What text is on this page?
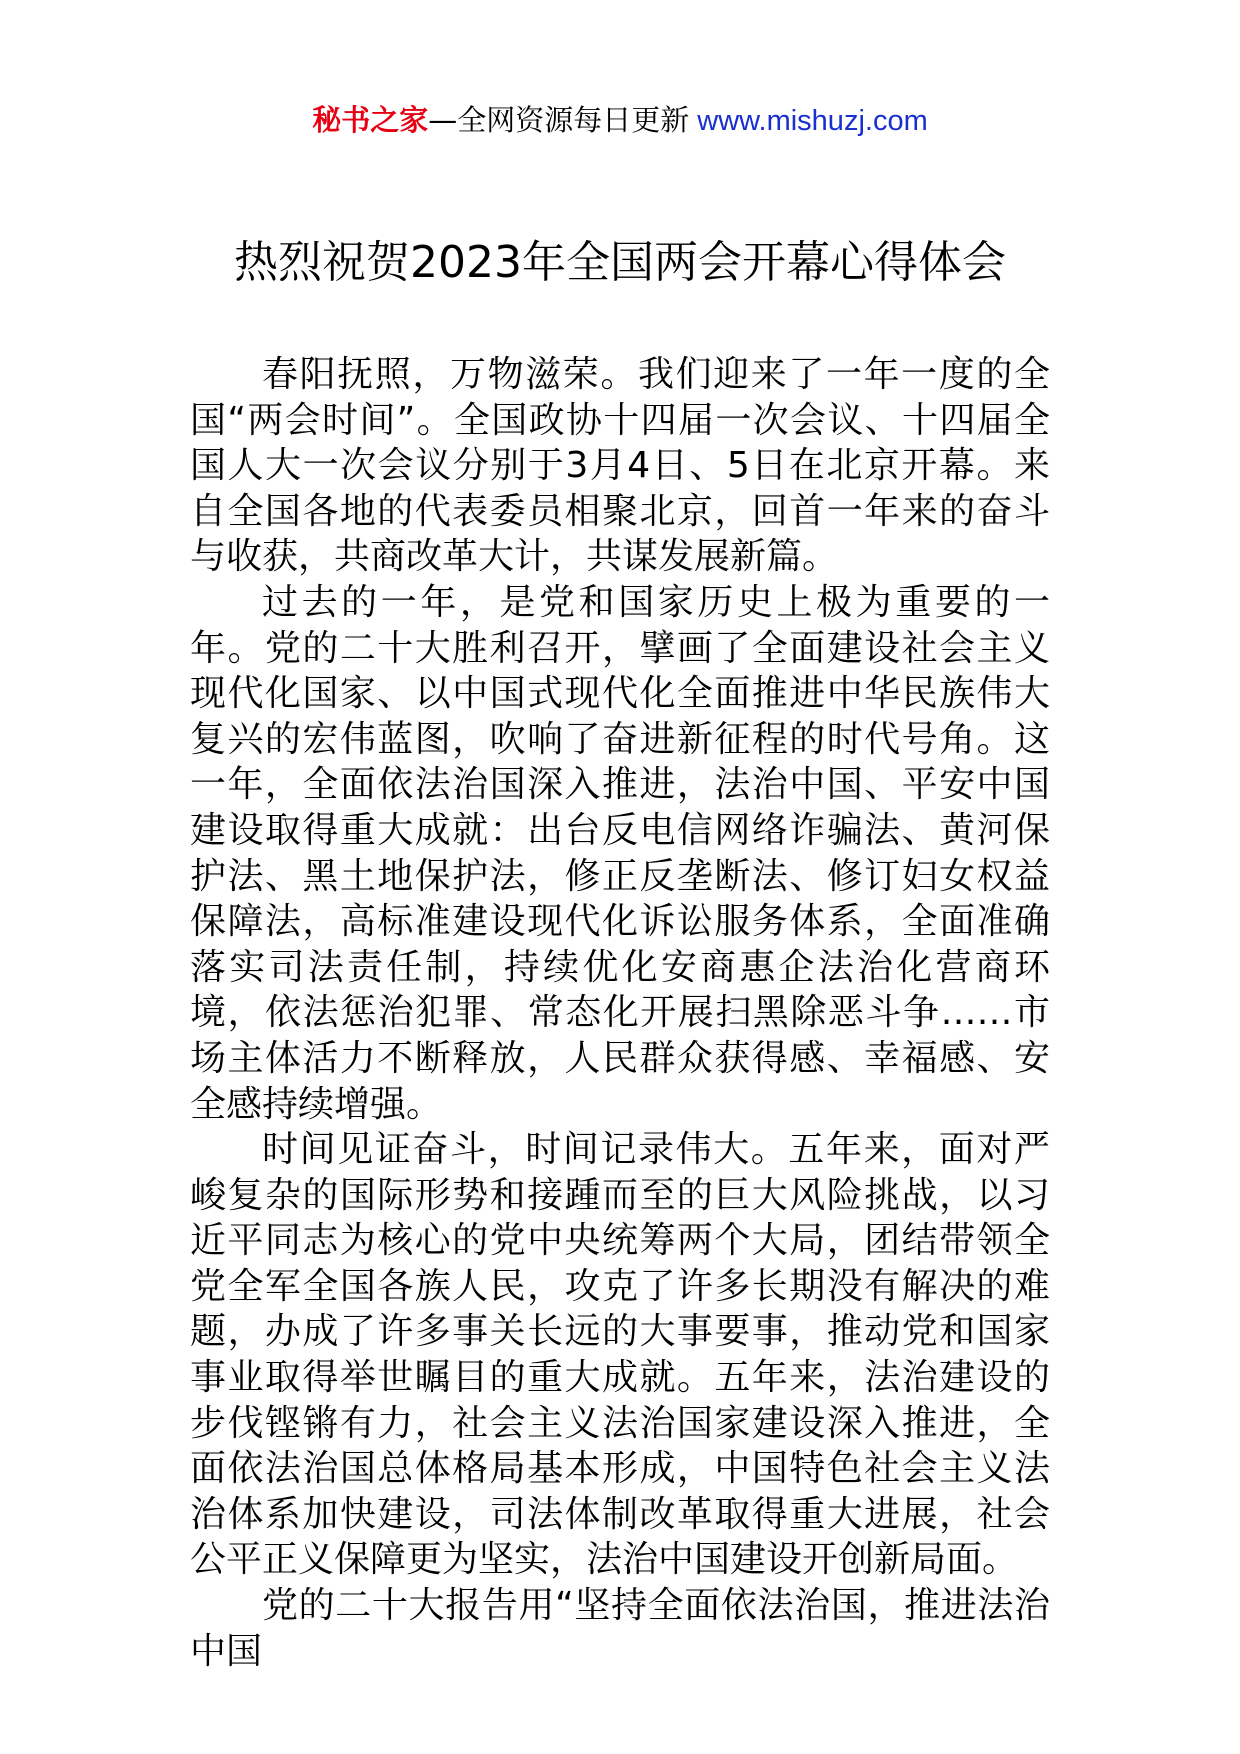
秘书之家—全网资源每日更新 www.mishuzj.com
热烈祝贺2023年全国两会开幕心得体会

春阳抚照，万物滋荣。我们迎来了一年一度的全国“两会时间”。全国政协十四届一次会议、十四届全国人大一次会议分别于3月4日、5日在北京开幕。来自全国各地的代表委员相聚北京，回首一年来的奋斗与收获，共商改革大计，共谋发展新篇。

过去的一年，是党和国家历史上极为重要的一年。党的二十大胜利召开，擘画了全面建设社会主义现代化国家、以中国式现代化全面推进中华民族伟大复兴的宏伟蓝图，吹响了奋进新征程的时代号角。这一年，全面依法治国深入推进，法治中国、平安中国建设取得重大成就：出台反电信网络诈骗法、黄河保护法、黑土地保护法，修正反垄断法、修订妇女权益保障法，高标准建设现代化诉讼服务体系，全面准确落实司法责任制，持续优化安商惠企法治化营商环境，依法惩治犯罪、常态化开展扫黑除恶斗争……市场主体活力不断释放，人民群众获得感、幸福感、安全感持续增强。

时间见证奋斗，时间记录伟大。五年来，面对严峻复杂的国际形势和接踵而至的巨大风险挑战，以习近平同志为核心的党中央统筹两个大局，团结带领全党全军全国各族人民，攻克了许多长期没有解决的难题，办成了许多事关长远的大事要事，推动党和国家事业取得举世瞩目的重大成就。五年来，法治建设的步伐铿锵有力，社会主义法治国家建设深入推进，全面依法治国总体格局基本形成，中国特色社会主义法治体系加快建设，司法体制改革取得重大进展，社会公平正义保障更为坚实，法治中国建设开创新局面。

党的二十大报告用“坚持全面依法治国，推进法治中国
